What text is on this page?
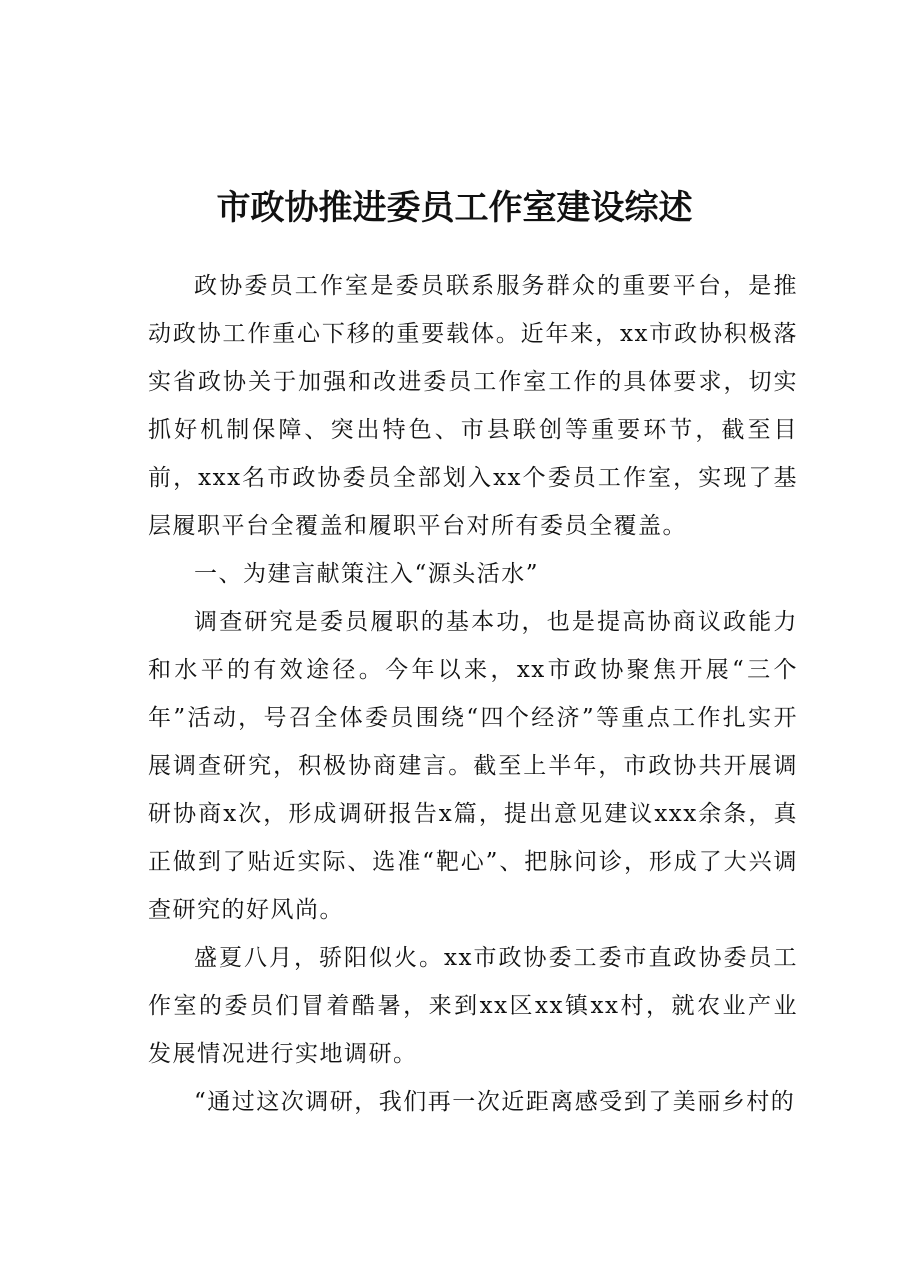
市政协推进委员工作室建设综述

政协委员工作室是委员联系服务群众的重要平台，是推动政协工作重心下移的重要载体。近年来，xx市政协积极落实省政协关于加强和改进委员工作室工作的具体要求，切实抓好机制保障、突出特色、市县联创等重要环节，截至目前，xxx名市政协委员全部划入xx个委员工作室，实现了基层履职平台全覆盖和履职平台对所有委员全覆盖。

一、为建言献策注入“源头活水”

调查研究是委员履职的基本功，也是提高协商议政能力和水平的有效途径。今年以来，xx市政协聚焦开展“三个年”活动，号召全体委员围绕“四个经济”等重点工作扎实开展调查研究，积极协商建言。截至上半年，市政协共开展调研协商x次，形成调研报告x篇，提出意见建议xxx余条，真正做到了贴近实际、选准“靶心”、把脉问诊，形成了大兴调查研究的好风尚。

盛夏八月，骄阳似火。xx市政协委工委市直政协委员工作室的委员们冒着酷暑，来到xx区xx镇xx村，就农业产业发展情况进行实地调研。

“通过这次调研，我们再一次近距离感受到了美丽乡村的
